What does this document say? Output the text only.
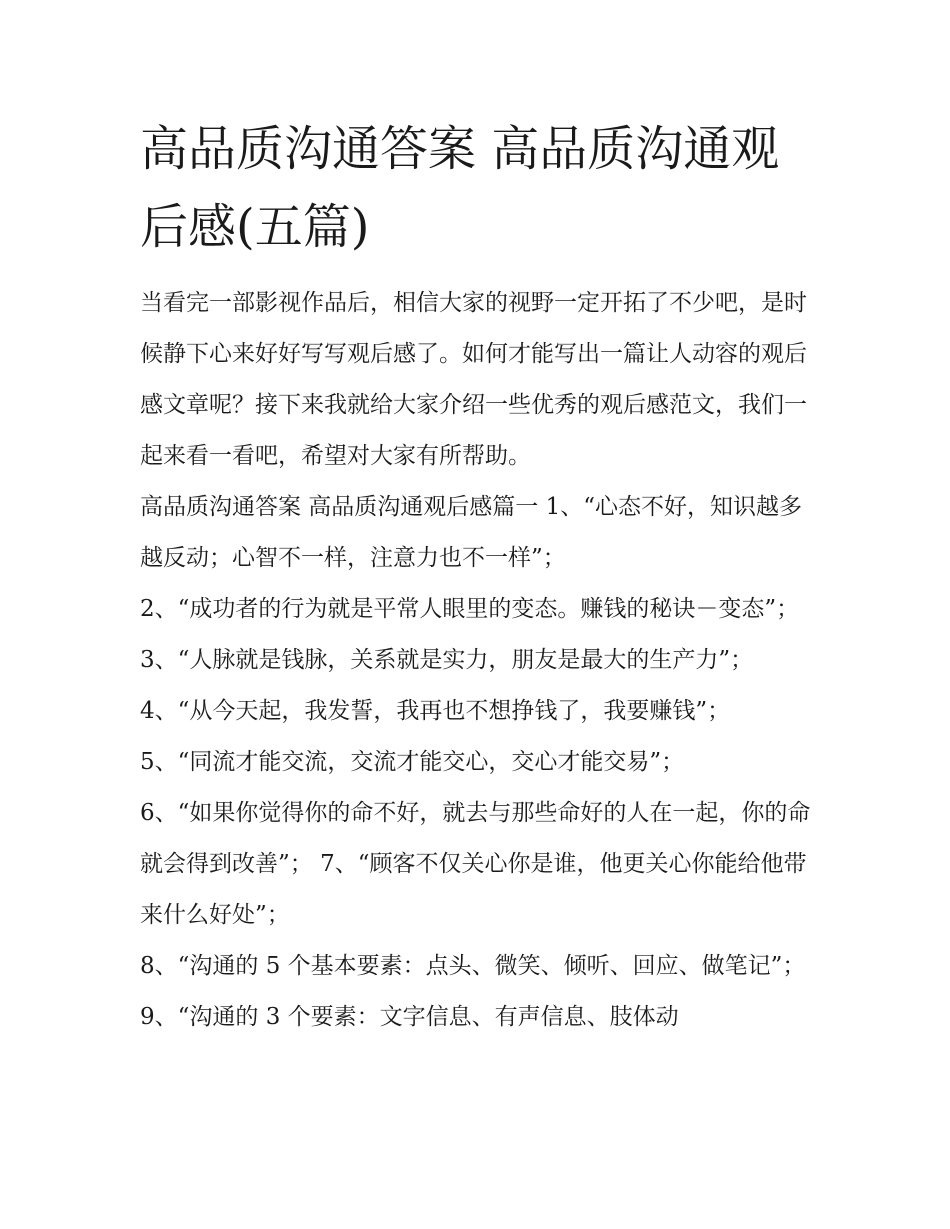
高品质沟通答案 高品质沟通观后感(五篇)

当看完一部影视作品后，相信大家的视野一定开拓了不少吧，是时候静下心来好好写写观后感了。如何才能写出一篇让人动容的观后感文章呢？接下来我就给大家介绍一些优秀的观后感范文，我们一起来看一看吧，希望对大家有所帮助。

高品质沟通答案 高品质沟通观后感篇一 1、“心态不好，知识越多越反动；心智不一样，注意力也不一样”；

2、“成功者的行为就是平常人眼里的变态。赚钱的秘诀－变态”； 3、“人脉就是钱脉，关系就是实力，朋友是最大的生产力”；

4、“从今天起，我发誓，我再也不想挣钱了，我要赚钱”；

5、“同流才能交流，交流才能交心，交心才能交易”；

6、“如果你觉得你的命不好，就去与那些命好的人在一起，你的命就会得到改善”； 7、“顾客不仅关心你是谁，他更关心你能给他带来什么好处”；

8、“沟通的 5 个基本要素：点头、微笑、倾听、回应、做笔记”； 9、“沟通的 3 个要素：文字信息、有声信息、肢体动
